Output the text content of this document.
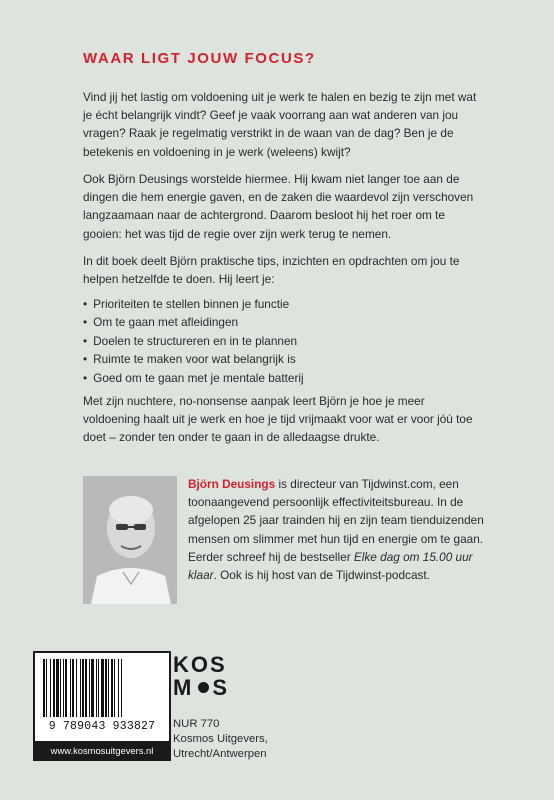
WAAR LIGT JOUW FOCUS?

Vind jij het lastig om voldoening uit je werk te halen en bezig te zijn met wat je écht belangrijk vindt? Geef je vaak voorrang aan wat anderen van jou vragen? Raak je regelmatig verstrikt in de waan van de dag? Ben je de betekenis en voldoening in je werk (weleens) kwijt?

Ook Björn Deusings worstelde hiermee. Hij kwam niet langer toe aan de dingen die hem energie gaven, en de zaken die waardevol zijn verschoven langzaamaan naar de achtergrond. Daarom besloot hij het roer om te gooien: het was tijd de regie over zijn werk terug te nemen.

In dit boek deelt Björn praktische tips, inzichten en opdrachten om jou te helpen hetzelfde te doen. Hij leert je:

• Prioriteiten te stellen binnen je functie
• Om te gaan met afleidingen
• Doelen te structureren en in te plannen
• Ruimte te maken voor wat belangrijk is
• Goed om te gaan met je mentale batterij

Met zijn nuchtere, no-nonsense aanpak leert Björn je hoe je meer voldoening haalt uit je werk en hoe je tijd vrijmaakt voor wat er voor jóú toe doet – zonder ten onder te gaan in de alledaagse drukte.

Björn Deusings is directeur van Tijdwinst.com, een toonaangevend persoonlijk effectiviteitsbureau. In de afgelopen 25 jaar trainden hij en zijn team tienduizenden mensen om slimmer met hun tijd en energie om te gaan. Eerder schreef hij de bestseller Elke dag om 15.00 uur klaar. Ook is hij host van de Tijdwinst-podcast.

9 789043 933827
www.kosmosuitgevers.nl
KOS
M S

NUR 770
Kosmos Uitgevers,
Utrecht/Antwerpen
